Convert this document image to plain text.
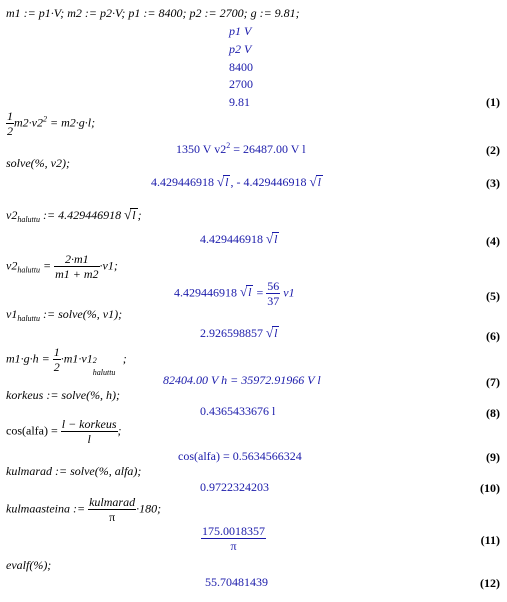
m1 := p1·V; m2 := p2·V; p1 := 8400; p2 := 2700; g := 9.81;
p1 V
p2 V
8400
2700
9.81	(1)
$\frac{1}{2} m2\cdot v2^2 = m2\cdot g\cdot l$;
1350 V $v2^2 = 26487.00$ V l	(2)
solve(%, v2);
4.429446918 √l , - 4.429446918 √l	(3)
$v2_{haluttu}$ := 4.429446918 √l ;
4.429446918 √l	(4)
$v2_{haluttu} = \frac{2\cdot m1}{m1 + m2} \cdot v1$;
4.429446918 $√l = \frac{56}{37} v1$	(5)
$v1_{haluttu}$ := solve(%, v1);
2.926598857 √l	(6)
$m1\cdot g\cdot h = \frac{1}{2} \cdot m1\cdot v1$ 2
haluttu
;
82404.00 V h = 35972.91966 V l	(7)
korkeus := solve(%, h);
0.4365433676 l	(8)
cos(alfa) = $\frac{\text{l − korkeus}}{l}$ ;
cos(alfa) = 0.5634566324	(9)
kulmarad := solve(%, alfa);
0.9722324203	(10)
kulmaasteina := $\frac{\text{kulmarad}}{\pi} \cdot 180$;
$\frac{175.0018357}{\pi}$	(11)
evalf(%);
55.70481439	(12)
